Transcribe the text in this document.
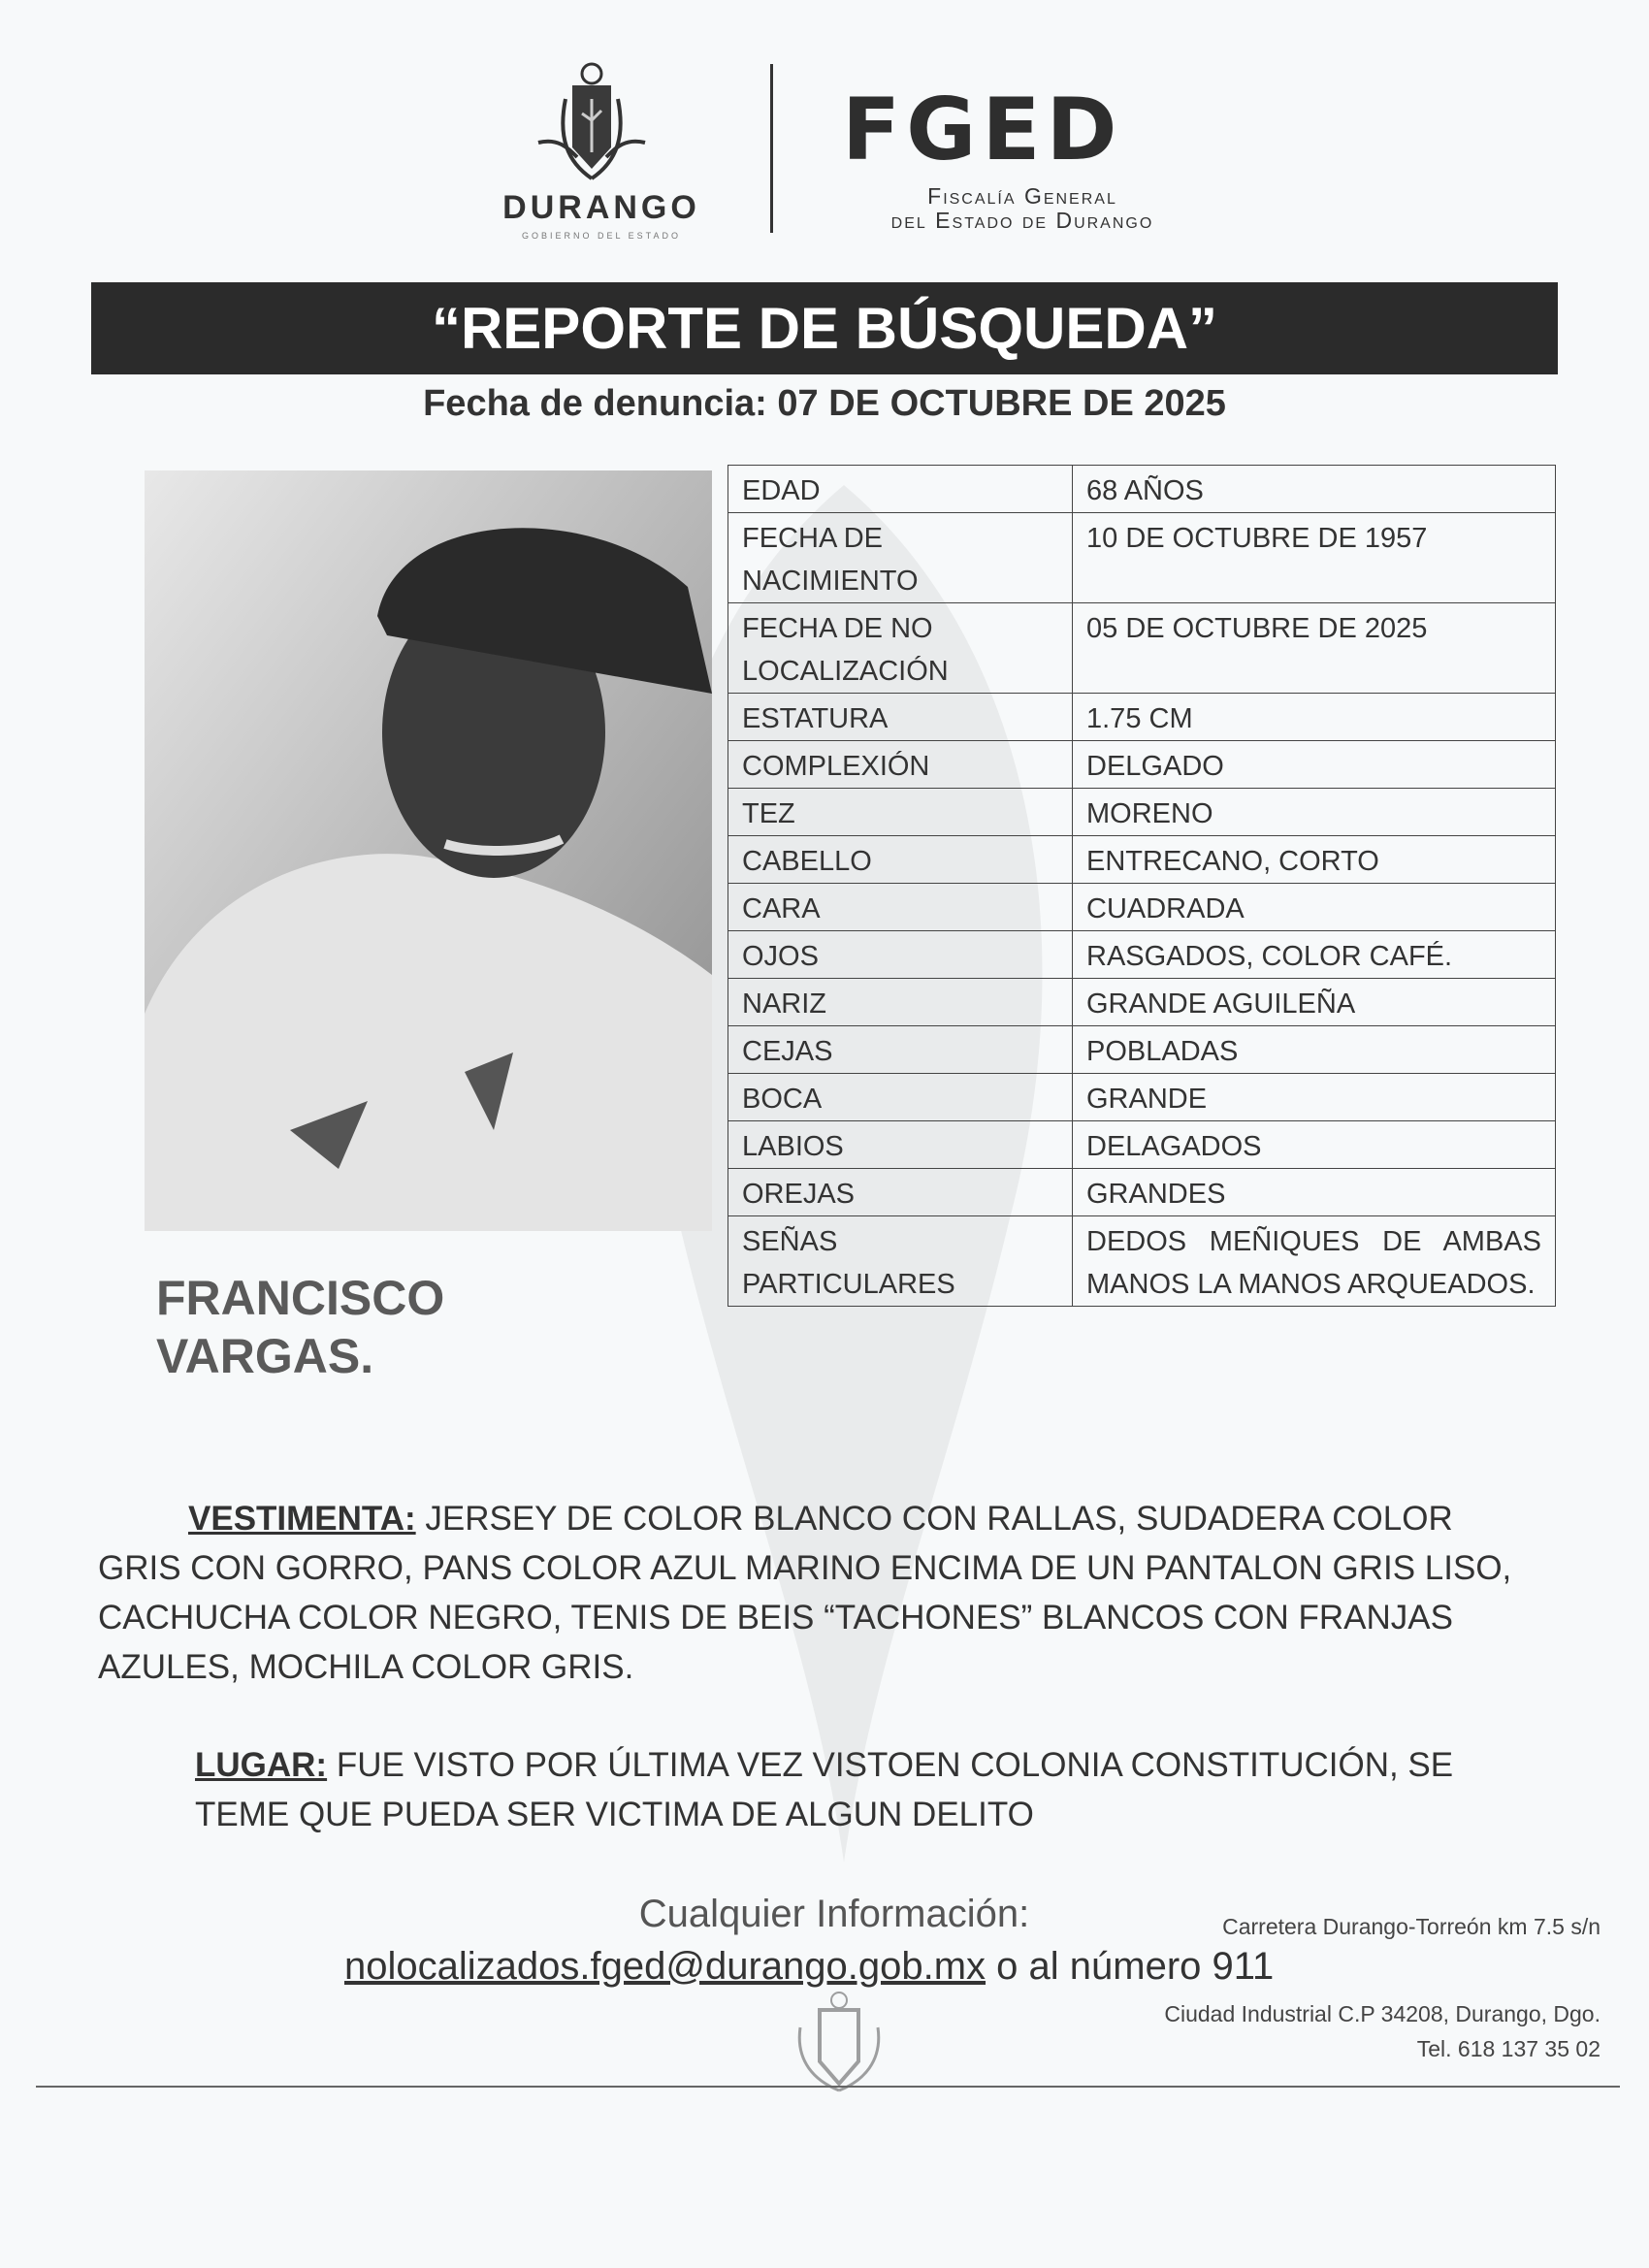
DURANGO
GOBIERNO DEL ESTADO
FGED
Fiscalía General
del Estado de Durango
“REPORTE DE BÚSQUEDA”
Fecha de denuncia: 07 DE OCTUBRE DE 2025
EDAD	68 AÑOS
FECHA DE NACIMIENTO	10 DE OCTUBRE DE 1957
FECHA DE NO LOCALIZACIÓN	05 DE OCTUBRE DE 2025
ESTATURA	1.75 CM
COMPLEXIÓN	DELGADO
TEZ	MORENO
CABELLO	ENTRECANO, CORTO
CARA	CUADRADA
OJOS	RASGADOS, COLOR CAFÉ.
NARIZ	GRANDE AGUILEÑA
CEJAS	POBLADAS
BOCA	GRANDE
LABIOS	DELAGADOS
OREJAS	GRANDES
SEÑAS PARTICULARES	DEDOS MEÑIQUES DE AMBAS MANOS LA MANOS ARQUEADOS.
FRANCISCO
VARGAS.
VESTIMENTA: JERSEY DE COLOR BLANCO CON RALLAS, SUDADERA COLOR GRIS CON GORRO, PANS COLOR AZUL MARINO ENCIMA DE UN PANTALON GRIS LISO, CACHUCHA COLOR NEGRO, TENIS DE BEIS “TACHONES” BLANCOS CON FRANJAS AZULES, MOCHILA COLOR GRIS.
LUGAR: FUE VISTO POR ÚLTIMA VEZ VISTOEN COLONIA CONSTITUCIÓN, SE TEME QUE PUEDA SER VICTIMA DE ALGUN DELITO
Cualquier Información:
nolocalizados.fged@durango.gob.mx o al número 911
Carretera Durango-Torreón km 7.5 s/n
Ciudad Industrial C.P 34208, Durango, Dgo.
Tel. 618 137 35 02
